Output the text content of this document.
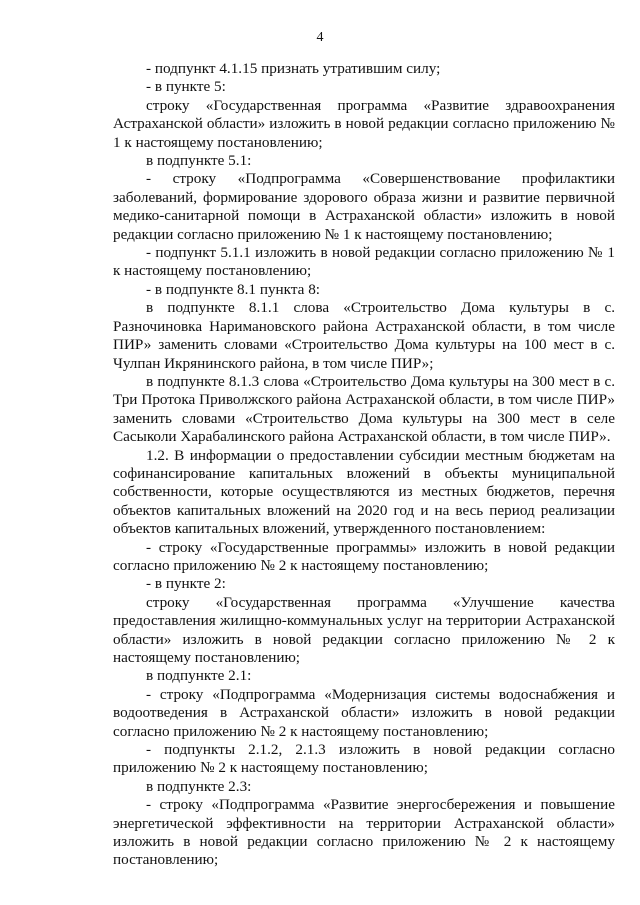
4

- подпункт 4.1.15 признать утратившим силу;

- в пункте 5:

строку «Государственная программа «Развитие здравоохранения Астраханской области» изложить в новой редакции согласно приложению № 1 к настоящему постановлению;

в подпункте 5.1:

- строку «Подпрограмма «Совершенствование профилактики заболеваний, формирование здорового образа жизни и развитие первичной медико-санитарной помощи в Астраханской области» изложить в новой редакции согласно приложению № 1 к настоящему постановлению;

- подпункт 5.1.1 изложить в новой редакции согласно приложению № 1 к настоящему постановлению;

- в подпункте 8.1 пункта 8:

в подпункте 8.1.1 слова «Строительство Дома культуры в с. Разночиновка Наримановского района Астраханской области, в том числе ПИР» заменить словами «Строительство Дома культуры на 100 мест в с. Чулпан Икрянинского района, в том числе ПИР»;

в подпункте 8.1.3 слова «Строительство Дома культуры на 300 мест в с. Три Протока Приволжского района Астраханской области, в том числе ПИР» заменить словами «Строительство Дома культуры на 300 мест в селе Сасыколи Харабалинского района Астраханской области, в том числе ПИР».

1.2. В информации о предоставлении субсидии местным бюджетам на софинансирование капитальных вложений в объекты муниципальной собственности, которые осуществляются из местных бюджетов, перечня объектов капитальных вложений на 2020 год и на весь период реализации объектов капитальных вложений, утвержденного постановлением:

- строку «Государственные программы» изложить в новой редакции согласно приложению № 2 к настоящему постановлению;

- в пункте 2:

строку «Государственная программа «Улучшение качества предоставления жилищно-коммунальных услуг на территории Астраханской области» изложить в новой редакции согласно приложению № 2 к настоящему постановлению;

в подпункте 2.1:

- строку «Подпрограмма «Модернизация системы водоснабжения и водоотведения в Астраханской области» изложить в новой редакции согласно приложению № 2 к настоящему постановлению;

- подпункты 2.1.2, 2.1.3 изложить в новой редакции согласно приложению № 2 к настоящему постановлению;

в подпункте 2.3:

- строку «Подпрограмма «Развитие энергосбережения и повышение энергетической эффективности на территории Астраханской области» изложить в новой редакции согласно приложению № 2 к настоящему постановлению;
